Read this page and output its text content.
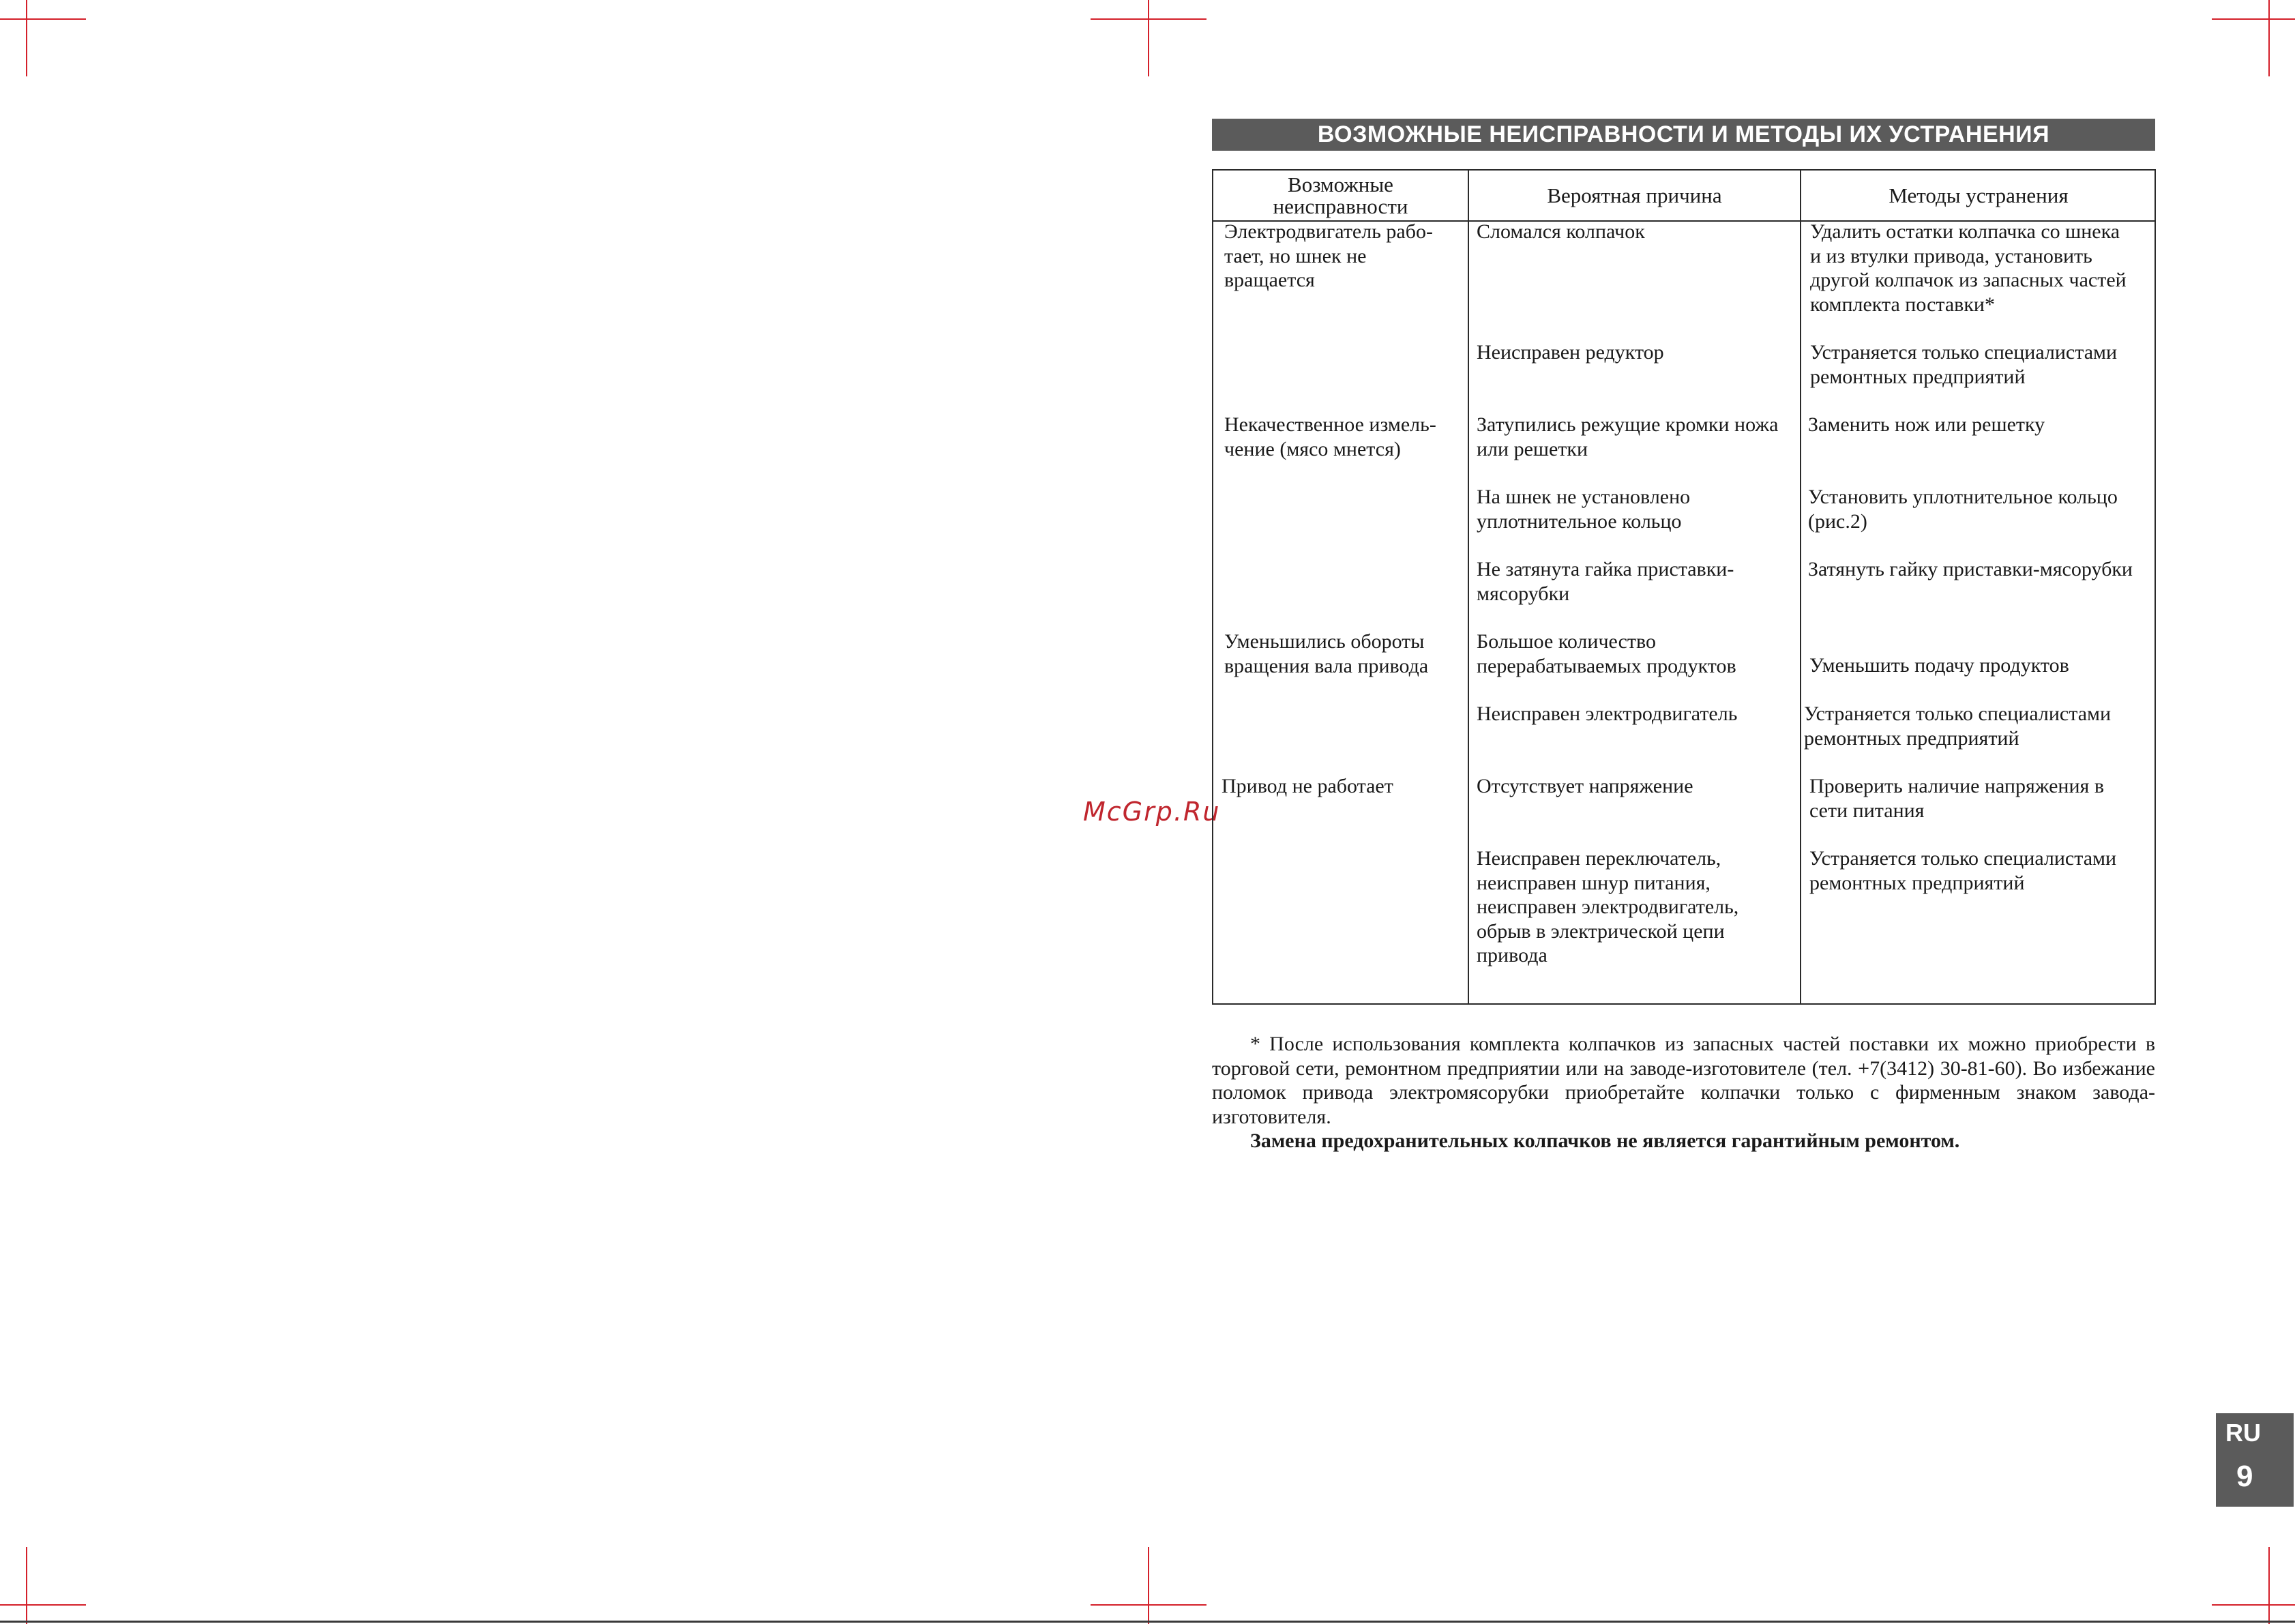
McGrp.Ru
ВОЗМОЖНЫЕ НЕИСПРАВНОСТИ И МЕТОДЫ ИХ УСТРАНЕНИЯ
Возможные
неисправности	Вероятная причина	Методы устранения
Электродвигатель рабо-
тает, но шнек не
вращается
Некачественное измель-
чение (мясо мнется)
Уменьшились обороты
вращения вала привода
Привод не работает
Сломался колпачок
Неисправен редуктор
Затупились режущие кромки ножа
или решетки
На шнек не установлено
уплотнительное кольцо
Не затянута гайка приставки-
мясорубки
Большое количество
перерабатываемых продуктов
Неисправен электродвигатель
Отсутствует напряжение
Неисправен переключатель,
неисправен шнур питания,
неисправен электродвигатель,
обрыв в электрической цепи
привода
Удалить остатки колпачка со шнека
и из втулки привода, установить
другой колпачок из запасных частей
комплекта поставки*
Устраняется только специалистами
ремонтных предприятий
Заменить нож или решетку
Установить уплотнительное кольцо
(рис.2)
Затянуть гайку приставки-мясорубки
Уменьшить подачу продуктов
Устраняется только специалистами
ремонтных предприятий
Проверить наличие напряжения в
сети питания
Устраняется только специалистами
ремонтных предприятий
* После использования комплекта колпачков из запасных частей поставки их можно приобрести в торговой сети, ремонтном предприятии или на заводе-изготовителе (тел. +7(3412) 30-81-60). Во избежание поломок привода электромясорубки приобретайте колпачки только с фирменным знаком завода-изготовителя.
Замена предохранительных колпачков не является гарантийным ремонтом.
RU
9
